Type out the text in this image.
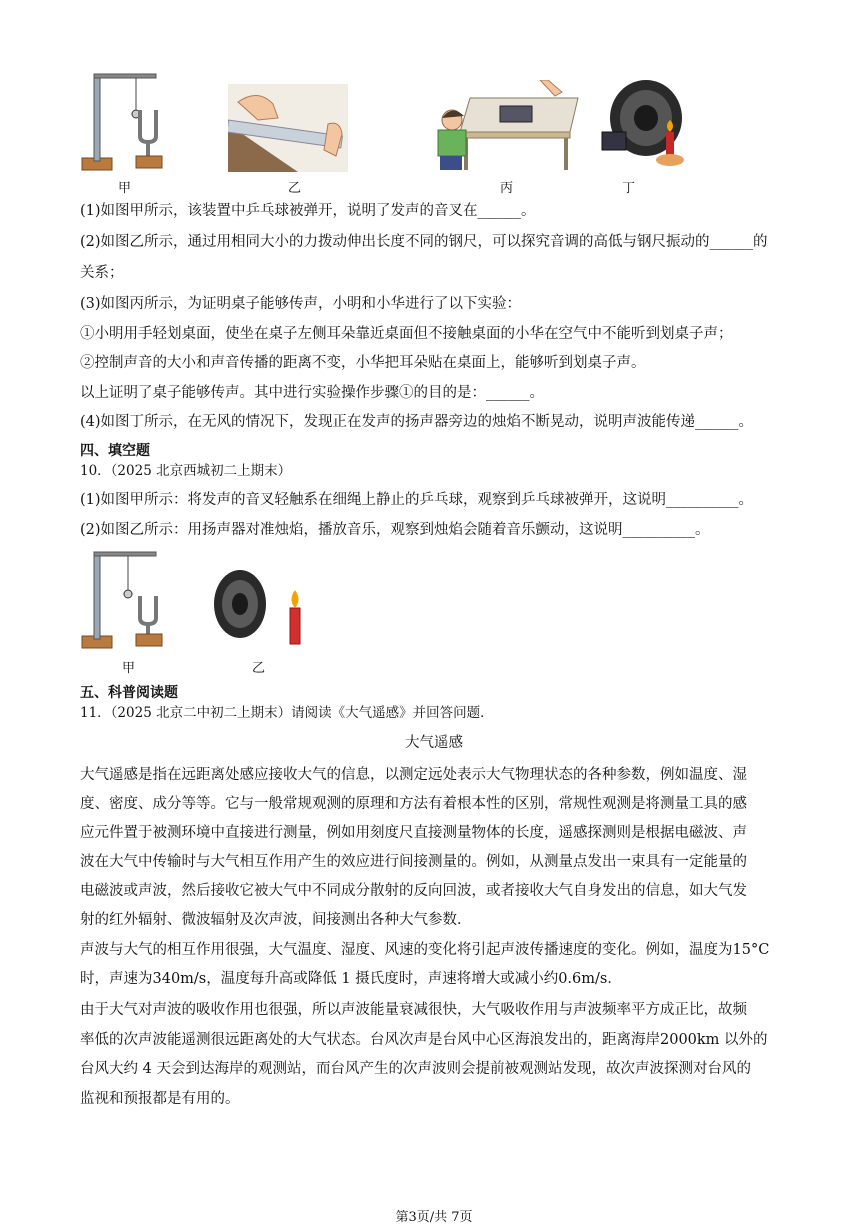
甲	乙	丙	丁
(1)如图甲所示，该装置中乒乓球被弹开，说明了发声的音叉在______。
(2)如图乙所示，通过用相同大小的力拨动伸出长度不同的钢尺，可以探究音调的高低与钢尺振动的______的
关系；
(3)如图丙所示，为证明桌子能够传声，小明和小华进行了以下实验：
①小明用手轻划桌面，使坐在桌子左侧耳朵靠近桌面但不接触桌面的小华在空气中不能听到划桌子声；
②控制声音的大小和声音传播的距离不变，小华把耳朵贴在桌面上，能够听到划桌子声。
以上证明了桌子能够传声。其中进行实验操作步骤①的目的是：______。
(4)如图丁所示，在无风的情况下，发现正在发声的扬声器旁边的烛焰不断晃动，说明声波能传递______。
四、填空题
10．（2025 北京西城初二上期末）
(1)如图甲所示：将发声的音叉轻触系在细绳上静止的乒乓球，观察到乒乓球被弹开，这说明__________。
(2)如图乙所示：用扬声器对准烛焰，播放音乐，观察到烛焰会随着音乐颤动，这说明__________。
甲	乙
五、科普阅读题
11．（2025 北京二中初二上期末）请阅读《大气遥感》并回答问题．
大气遥感
大气遥感是指在远距离处感应接收大气的信息，以测定远处表示大气物理状态的各种参数，例如温度、湿
度、密度、成分等等。它与一般常规观测的原理和方法有着根本性的区别，常规性观测是将测量工具的感
应元件置于被测环境中直接进行测量，例如用刻度尺直接测量物体的长度，遥感探测则是根据电磁波、声
波在大气中传输时与大气相互作用产生的效应进行间接测量的。例如，从测量点发出一束具有一定能量的
电磁波或声波，然后接收它被大气中不同成分散射的反向回波，或者接收大气自身发出的信息，如大气发
射的红外辐射、微波辐射及次声波，间接测出各种大气参数．
声波与大气的相互作用很强，大气温度、湿度、风速的变化将引起声波传播速度的变化。例如，温度为15°C
时，声速为340m/s，温度每升高或降低 1 摄氏度时，声速将增大或减小约0.6m/s．
由于大气对声波的吸收作用也很强，所以声波能量衰减很快，大气吸收作用与声波频率平方成正比，故频
率低的次声波能遥测很远距离处的大气状态。台风次声是台风中心区海浪发出的，距离海岸2000km 以外的
台风大约 4 天会到达海岸的观测站，而台风产生的次声波则会提前被观测站发现，故次声波探测对台风的
监视和预报都是有用的。
第3页/共 7页
